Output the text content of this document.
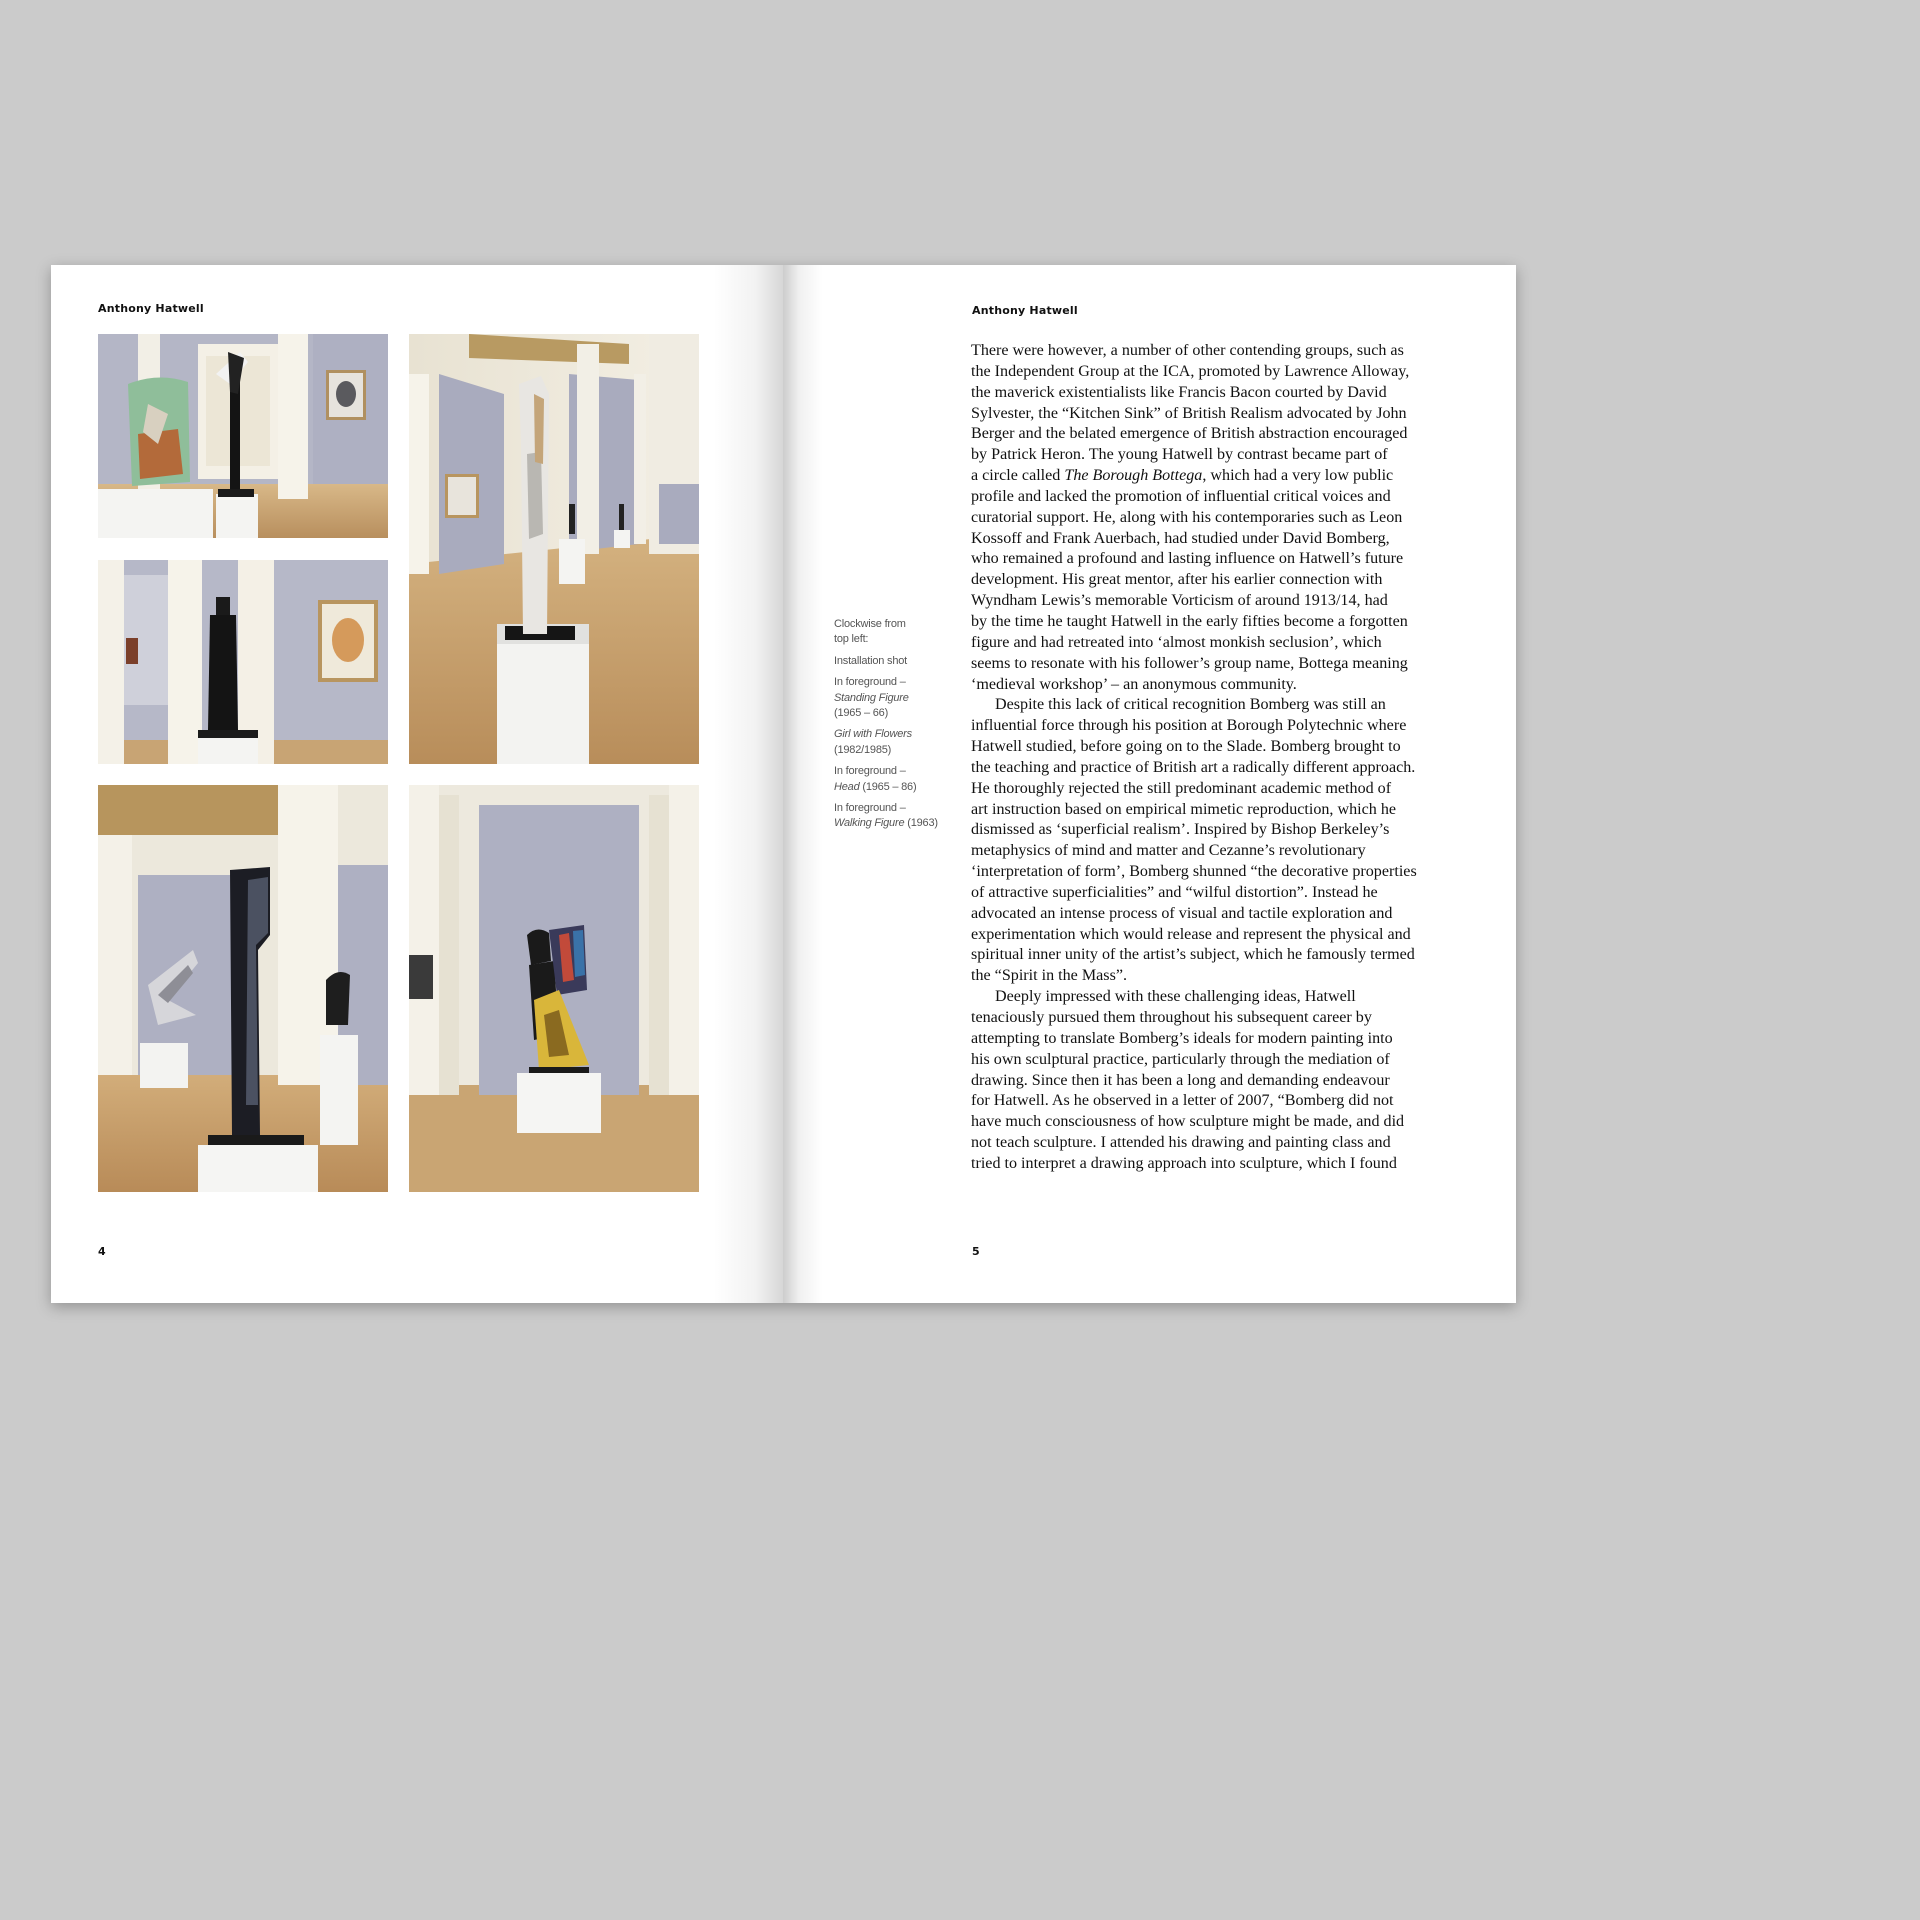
Anthony Hatwell
4
Anthony Hatwell
Clockwise from
top left:
Installation shot
In foreground –
Standing Figure
(1965 – 66)
Girl with Flowers
(1982/1985)
In foreground –
Head (1965 – 86)
In foreground –
Walking Figure (1963)
There were however, a number of other contending groups, such as
the Independent Group at the ICA, promoted by Lawrence Alloway,
the maverick existentialists like Francis Bacon courted by David
Sylvester, the “Kitchen Sink” of British Realism advocated by John
Berger and the belated emergence of British abstraction encouraged
by Patrick Heron. The young Hatwell by contrast became part of
a circle called The Borough Bottega, which had a very low public
profile and lacked the promotion of influential critical voices and
curatorial support. He, along with his contemporaries such as Leon
Kossoff and Frank Auerbach, had studied under David Bomberg,
who remained a profound and lasting influence on Hatwell’s future
development. His great mentor, after his earlier connection with
Wyndham Lewis’s memorable Vorticism of around 1913/14, had
by the time he taught Hatwell in the early fifties become a forgotten
figure and had retreated into ‘almost monkish seclusion’, which
seems to resonate with his follower’s group name, Bottega meaning
‘medieval workshop’ – an anonymous community.
Despite this lack of critical recognition Bomberg was still an
influential force through his position at Borough Polytechnic where
Hatwell studied, before going on to the Slade. Bomberg brought to
the teaching and practice of British art a radically different approach.
He thoroughly rejected the still predominant academic method of
art instruction based on empirical mimetic reproduction, which he
dismissed as ‘superficial realism’. Inspired by Bishop Berkeley’s
metaphysics of mind and matter and Cezanne’s revolutionary
‘interpretation of form’, Bomberg shunned “the decorative properties
of attractive superficialities” and “wilful distortion”. Instead he
advocated an intense process of visual and tactile exploration and
experimentation which would release and represent the physical and
spiritual inner unity of the artist’s subject, which he famously termed
the “Spirit in the Mass”.
Deeply impressed with these challenging ideas, Hatwell
tenaciously pursued them throughout his subsequent career by
attempting to translate Bomberg’s ideals for modern painting into
his own sculptural practice, particularly through the mediation of
drawing. Since then it has been a long and demanding endeavour
for Hatwell. As he observed in a letter of 2007, “Bomberg did not
have much consciousness of how sculpture might be made, and did
not teach sculpture. I attended his drawing and painting class and
tried to interpret a drawing approach into sculpture, which I found
5
